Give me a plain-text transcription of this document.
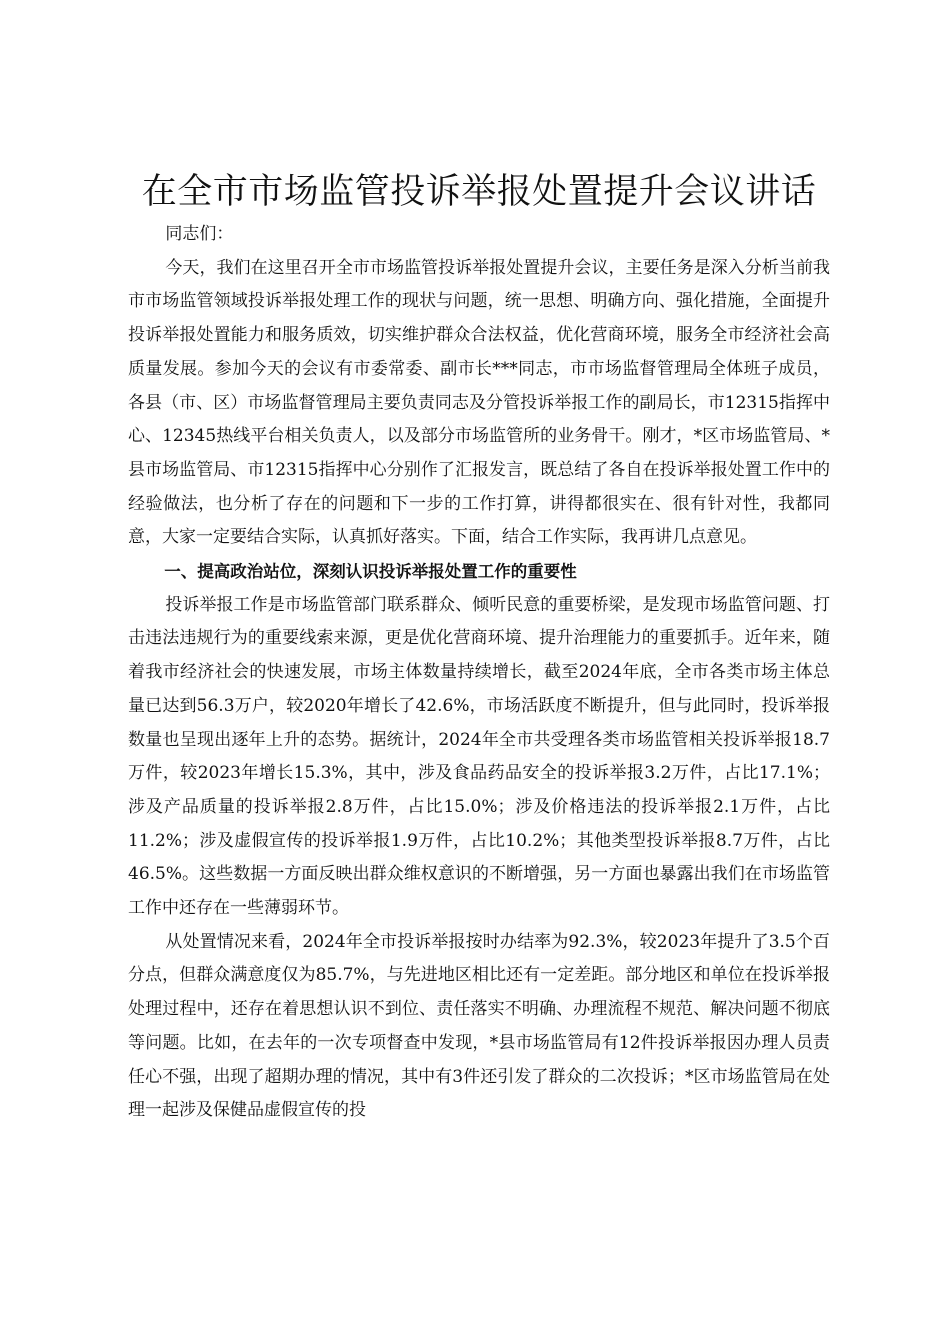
在全市市场监管投诉举报处置提升会议讲话

同志们：

今天，我们在这里召开全市市场监管投诉举报处置提升会议，主要任务是深入分析当前我市市场监管领域投诉举报处理工作的现状与问题，统一思想、明确方向、强化措施，全面提升投诉举报处置能力和服务质效，切实维护群众合法权益，优化营商环境，服务全市经济社会高质量发展。参加今天的会议有市委常委、副市长***同志，市市场监督管理局全体班子成员，各县（市、区）市场监督管理局主要负责同志及分管投诉举报工作的副局长，市12315指挥中心、12345热线平台相关负责人，以及部分市场监管所的业务骨干。刚才，*区市场监管局、*县市场监管局、市12315指挥中心分别作了汇报发言，既总结了各自在投诉举报处置工作中的经验做法，也分析了存在的问题和下一步的工作打算，讲得都很实在、很有针对性，我都同意，大家一定要结合实际，认真抓好落实。下面，结合工作实际，我再讲几点意见。

一、提高政治站位，深刻认识投诉举报处置工作的重要性

投诉举报工作是市场监管部门联系群众、倾听民意的重要桥梁，是发现市场监管问题、打击违法违规行为的重要线索来源，更是优化营商环境、提升治理能力的重要抓手。近年来，随着我市经济社会的快速发展，市场主体数量持续增长，截至2024年底，全市各类市场主体总量已达到56.3万户，较2020年增长了42.6%，市场活跃度不断提升，但与此同时，投诉举报数量也呈现出逐年上升的态势。据统计，2024年全市共受理各类市场监管相关投诉举报18.7万件，较2023年增长15.3%，其中，涉及食品药品安全的投诉举报3.2万件，占比17.1%；涉及产品质量的投诉举报2.8万件，占比15.0%；涉及价格违法的投诉举报2.1万件，占比11.2%；涉及虚假宣传的投诉举报1.9万件，占比10.2%；其他类型投诉举报8.7万件，占比46.5%。这些数据一方面反映出群众维权意识的不断增强，另一方面也暴露出我们在市场监管工作中还存在一些薄弱环节。

从处置情况来看，2024年全市投诉举报按时办结率为92.3%，较2023年提升了3.5个百分点，但群众满意度仅为85.7%，与先进地区相比还有一定差距。部分地区和单位在投诉举报处理过程中，还存在着思想认识不到位、责任落实不明确、办理流程不规范、解决问题不彻底等问题。比如，在去年的一次专项督查中发现，*县市场监管局有12件投诉举报因办理人员责任心不强，出现了超期办理的情况，其中有3件还引发了群众的二次投诉；*区市场监管局在处理一起涉及保健品虚假宣传的投
